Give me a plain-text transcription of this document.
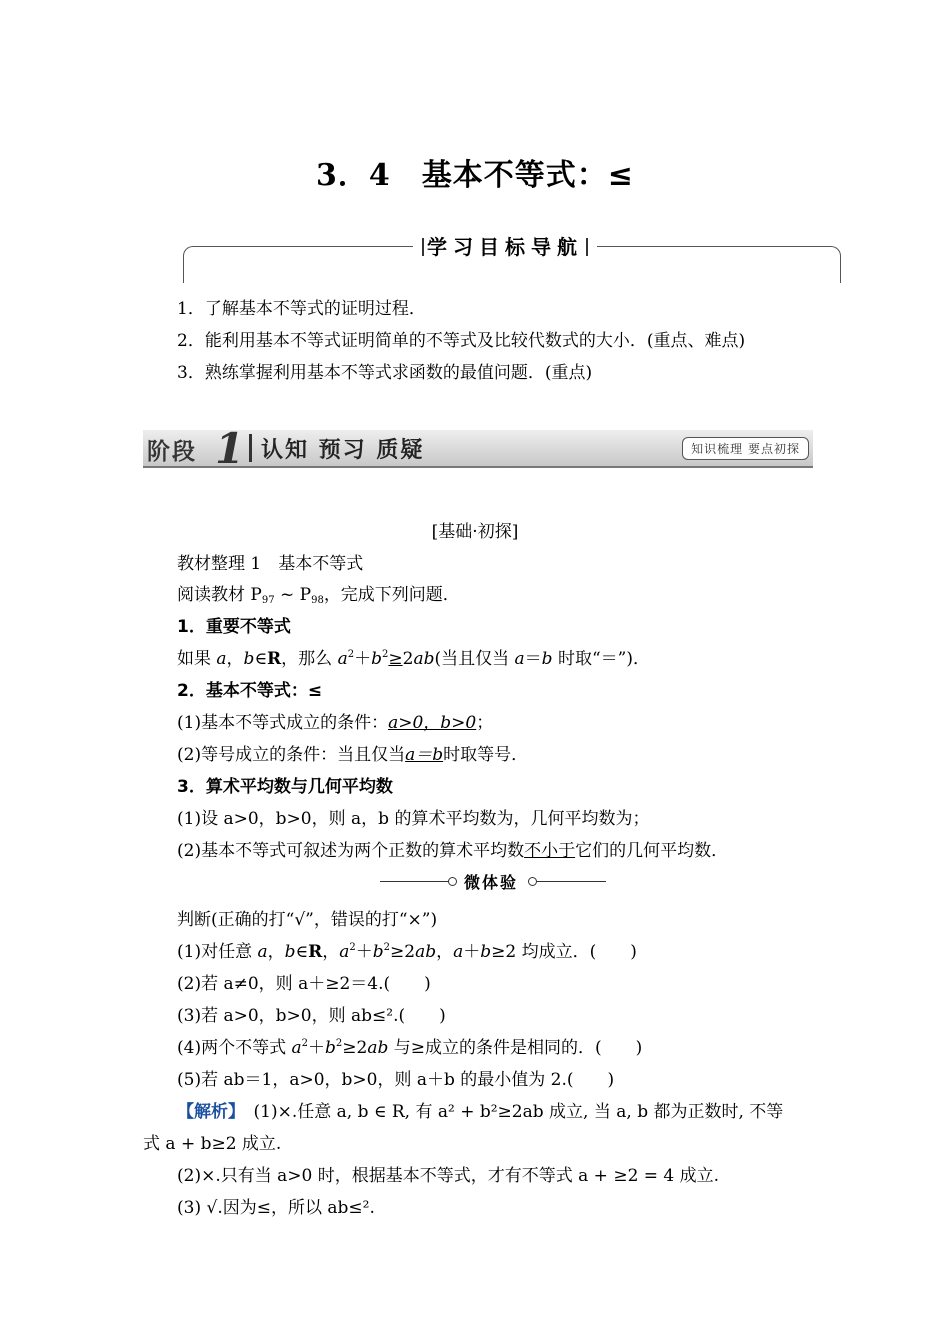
3．4　基本不等式：≤
学习目标导航
1．了解基本不等式的证明过程．
2．能利用基本不等式证明简单的不等式及比较代数式的大小．(重点、难点)
3．熟练掌握利用基本不等式求函数的最值问题．(重点)
阶段 1 认知 预习 质疑	知识梳理 要点初探
[基础·初探]
教材整理 1　基本不等式
阅读教材 $P_{97}$ ~ $P_{98}$，完成下列问题．
1．重要不等式
如果 a，b∈R，那么 $a^2+b^2\ge 2ab$(当且仅当 a＝b 时取“＝”)．
2．基本不等式：≤
(1)基本不等式成立的条件：a>0，b>0；
(2)等号成立的条件：当且仅当a＝b时取等号．
3．算术平均数与几何平均数
(1)设 a>0，b>0，则 a，b 的算术平均数为，几何平均数为；
(2)基本不等式可叙述为两个正数的算术平均数不小于它们的几何平均数．
微体验
判断(正确的打“√”，错误的打“×”)
(1)对任意 a，b∈R，$a^2+b^2\ge 2ab$，a＋b≥2 均成立．(　　)
(2)若 a≠0，则 a＋≥2＝4.(　　)
(3)若 a>0，b>0，则 ab≤².(　　)
(4)两个不等式 $a^2+b^2\ge 2ab$ 与≥成立的条件是相同的．(　　)
(5)若 ab＝1，a>0，b>0，则 a＋b 的最小值为 2.(　　)
【解析】　 (1)×.任意 a, b ∈ R, 有 a² + b²≥2ab 成立, 当 a, b 都为正数时, 不等
式 a + b≥2 成立.
(2)×.只有当 a>0 时，根据基本不等式，才有不等式 a + ≥2 = 4 成立.
(3) √.因为≤，所以 ab≤².
